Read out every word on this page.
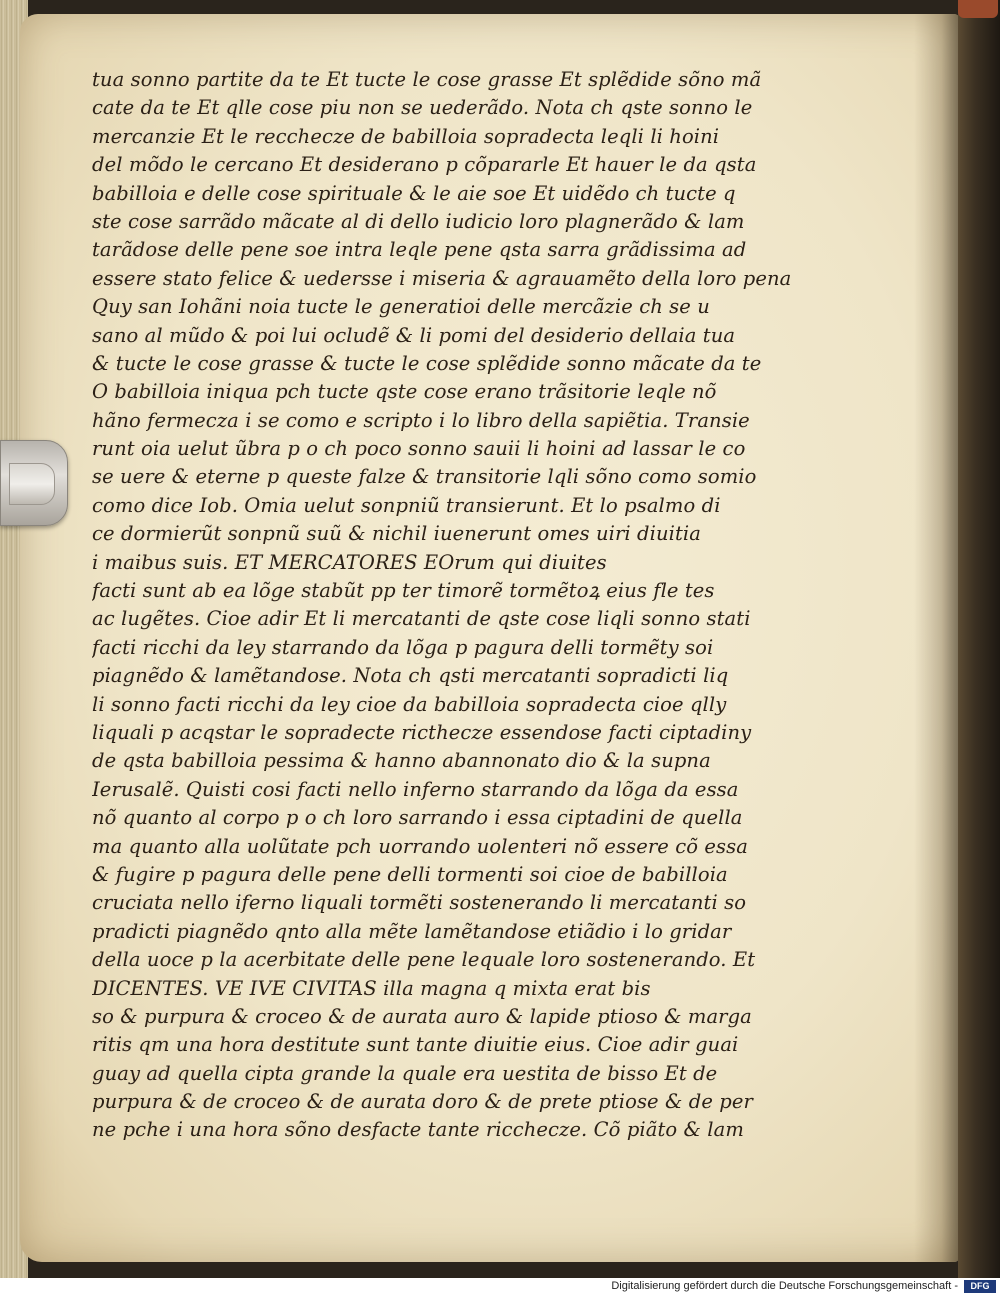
tua sonno partite da te Et tucte le cose grasse Et splẽdide sõno mã
cate da te Et qlle cose piu non se uederãdo. Nota ch qste sonno le
mercanzie Et le recchecze de babilloia sopradecta leqli li hoini
del mõdo le cercano Et desiderano p cõpararle Et hauer le da qsta
babilloia e delle cose spirituale & le aie soe Et uidẽdo ch tucte q
ste cose sarrãdo mãcate al di dello iudicio loro plagnerãdo & lam
tarãdose delle pene soe intra leqle pene qsta sarra grãdissima ad
essere stato felice & uedersse i miseria & agrauamẽto della loro pena
Quy san Iohãni noia tucte le generatioi delle mercãzie ch se u
sano al mũdo & poi lui ocludẽ & li pomi del desiderio dellaia tua
& tucte le cose grasse & tucte le cose splẽdide sonno mãcate da te
O babilloia iniqua pch tucte qste cose erano trãsitorie leqle nõ
hãno fermecza i se como e scripto i lo libro della sapiẽtia. Transie
runt oia uelut ũbra p o ch poco sonno sauii li hoini ad lassar le co
se uere & eterne p queste falze & transitorie lqli sõno como somio
como dice Iob. Omia uelut sonpniũ transierunt. Et lo psalmo di
ce dormierũt sonpnũ suũ & nichil iuenerunt omes uiri diuitia
i maibus suis. ET MERCATORES EOrum qui diuites
facti sunt ab ea lõge stabũt pp ter timorẽ tormẽtoꝝ eius fle tes
ac lugẽtes. Cioe adir Et li mercatanti de qste cose liqli sonno stati
facti ricchi da ley starrando da lõga p pagura delli tormẽty soi
piagnẽdo & lamẽtandose. Nota ch qsti mercatanti sopradicti liq
li sonno facti ricchi da ley cioe da babilloia sopradecta cioe qlly
liquali p acqstar le sopradecte ricthecze essendose facti ciptadiny
de qsta babilloia pessima & hanno abannonato dio & la supna
Ierusalẽ. Quisti cosi facti nello inferno starrando da lõga da essa
nõ quanto al corpo p o ch loro sarrando i essa ciptadini de quella
ma quanto alla uolũtate pch uorrando uolenteri nõ essere cõ essa
& fugire p pagura delle pene delli tormenti soi cioe de babilloia
cruciata nello iferno liquali tormẽti sostenerando li mercatanti so
pradicti piagnẽdo qnto alla mẽte lamẽtandose etiãdio i lo gridar
della uoce p la acerbitate delle pene lequale loro sostenerando. Et
DICENTES. VE IVE CIVITAS illa magna q mixta erat bis
so & purpura & croceo & de aurata auro & lapide ptioso & marga
ritis qm una hora destitute sunt tante diuitie eius. Cioe adir guai
guay ad quella cipta grande la quale era uestita de bisso Et de
purpura & de croceo & de aurata doro & de prete ptiose & de per
ne pche i una hora sõno desfacte tante ricchecze. Cõ piãto & lam
Digitalisierung gefördert durch die Deutsche Forschungsgemeinschaft -	DFG
